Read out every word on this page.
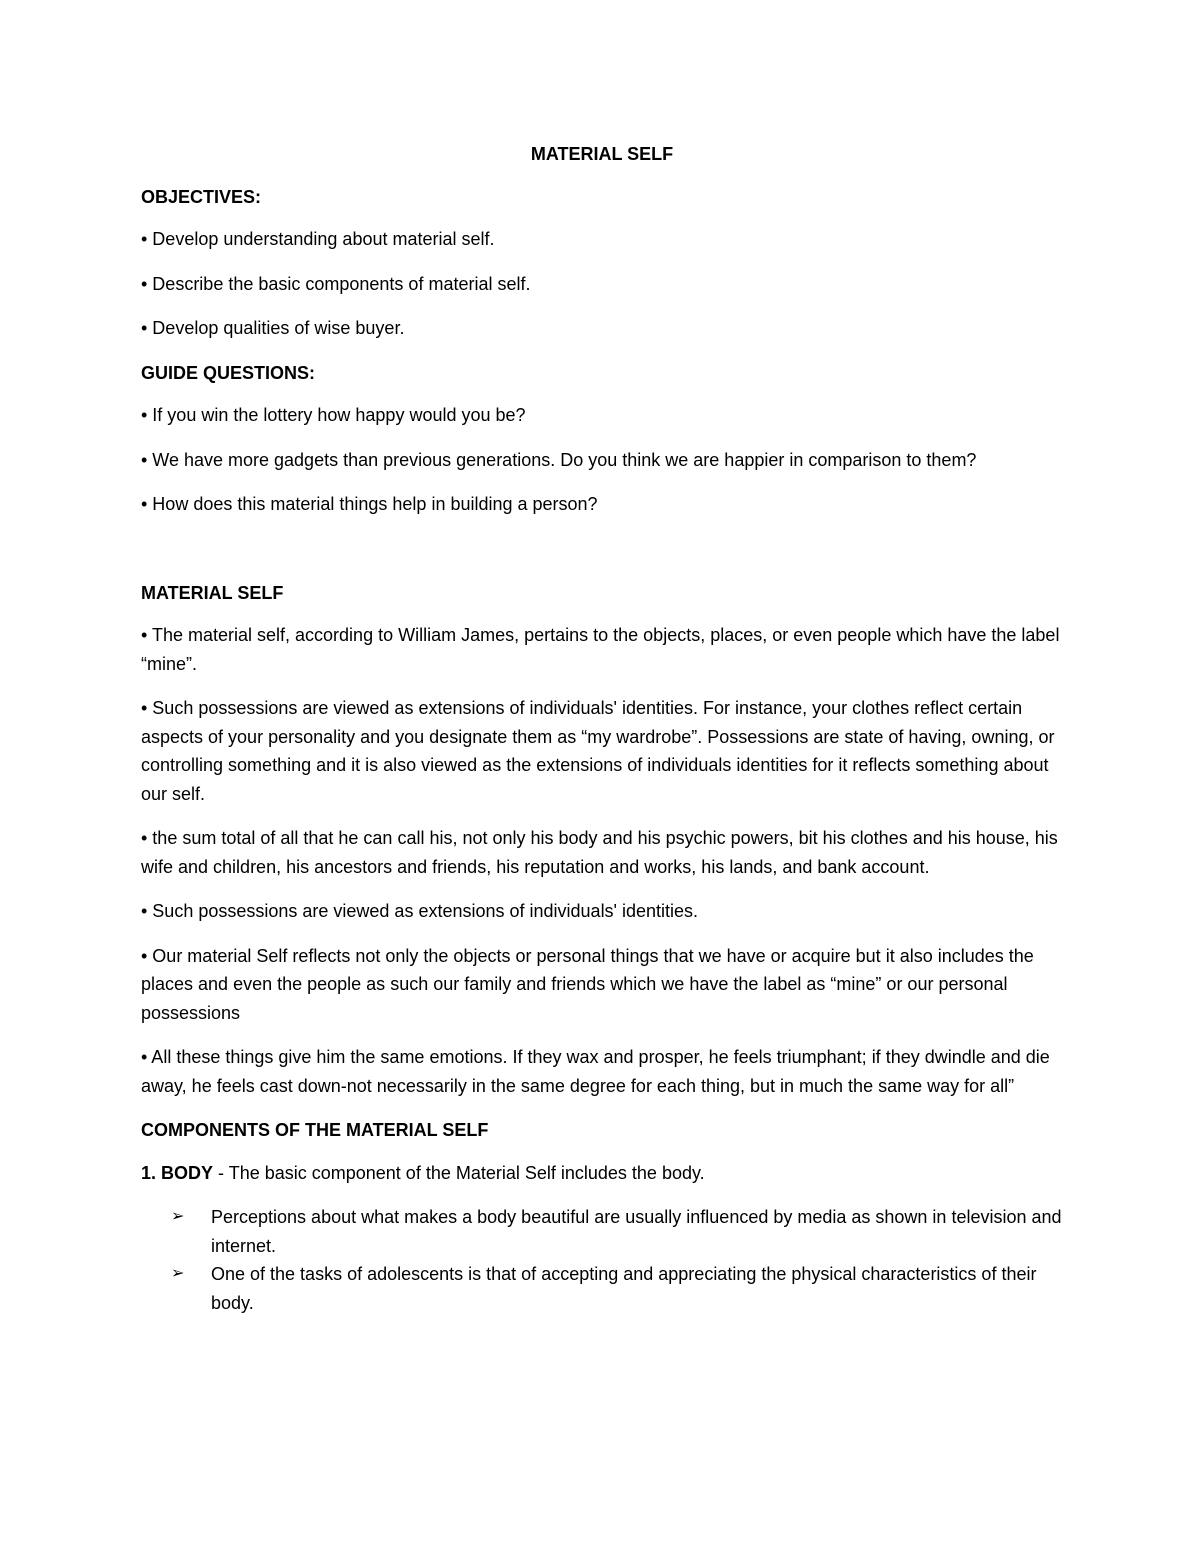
MATERIAL SELF
OBJECTIVES:
• Develop understanding about material self.
• Describe the basic components of material self.
• Develop qualities of wise buyer.
GUIDE QUESTIONS:
• If you win the lottery how happy would you be?
• We have more gadgets than previous generations. Do you think we are happier in comparison to them?
• How does this material things help in building a person?
MATERIAL SELF
• The material self, according to William James, pertains to the objects, places, or even people which have the label “mine”.
• Such possessions are viewed as extensions of individuals' identities. For instance, your clothes reflect certain aspects of your personality and you designate them as “my wardrobe”. Possessions are state of having, owning, or controlling something and it is also viewed as the extensions of individuals identities for it reflects something about our self.
• the sum total of all that he can call his, not only his body and his psychic powers, bit his clothes and his house, his wife and children, his ancestors and friends, his reputation and works, his lands, and bank account.
• Such possessions are viewed as extensions of individuals' identities.
• Our material Self reflects not only the objects or personal things that we have or acquire but it also includes the places and even the people as such our family and friends which we have the label as “mine” or our personal possessions
• All these things give him the same emotions. If they wax and prosper, he feels triumphant; if they dwindle and die away, he feels cast down-not necessarily in the same degree for each thing, but in much the same way for all”
COMPONENTS OF THE MATERIAL SELF
1. BODY - The basic component of the Material Self includes the body.
➢ Perceptions about what makes a body beautiful are usually influenced by media as shown in television and internet.
➢ One of the tasks of adolescents is that of accepting and appreciating the physical characteristics of their body.
